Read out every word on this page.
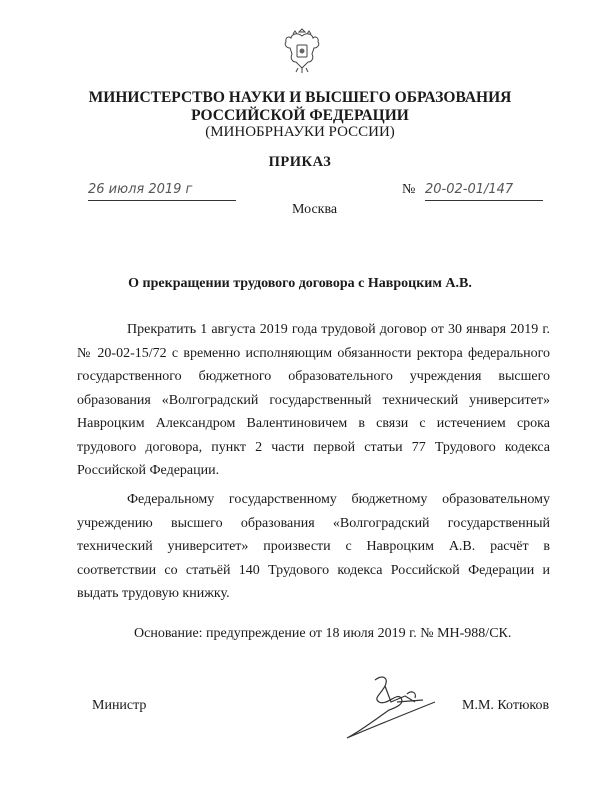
МИНИСТЕРСТВО НАУКИ И ВЫСШЕГО ОБРАЗОВАНИЯ
РОССИЙСКОЙ ФЕДЕРАЦИИ
(МИНОБРНАУКИ РОССИИ)
ПРИКАЗ
26 июля 2019 г	№ 20-02-01/147
Москва
О прекращении трудового договора с Навроцким А.В.

Прекратить 1 августа 2019 года трудовой договор от 30 января 2019 г. № 20-02-15/72 с временно исполняющим обязанности ректора федерального государственного бюджетного образовательного учреждения высшего образования «Волгоградский государственный технический университет» Навроцким Александром Валентиновичем в связи с истечением срока трудового договора, пункт 2 части первой статьи 77 Трудового кодекса Российской Федерации.

Федеральному государственному бюджетному образовательному учреждению высшего образования «Волгоградский государственный технический университет» произвести с Навроцким А.В. расчёт в соответствии со статьёй 140 Трудового кодекса Российской Федерации и выдать трудовую книжку.

Основание: предупреждение от 18 июля 2019 г. № МН-988/СК.
Министр	М.М. Котюков
